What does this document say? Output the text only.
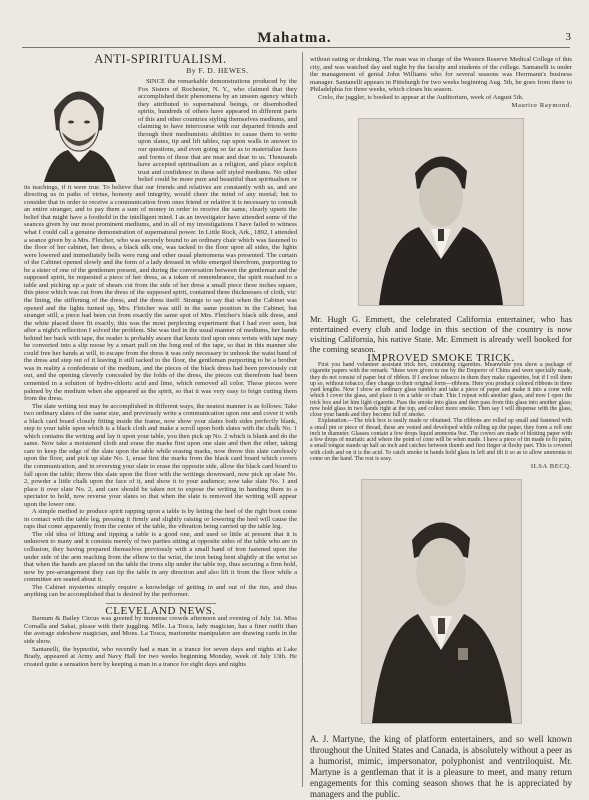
Mahatma.	3
ANTI-SPIRITUALISM.
By F. D. HEWES.

SINCE the remarkable demonstrations produced by the Fox Sisters of Rochester, N. Y., who claimed that they accomplished their phenomena by an unseen agency which they attributed to supernatural beings, or disembodied spirits, hundreds of others have appeared in different parts of this and other countries styling themselves mediums, and claiming to have intercourse with our departed friends and through their mediumistic abilities to cause them to write upon slates, tip and lift tables, rap upon walls in answer to our questions, and even going so far as to materialize faces and forms of those that are near and dear to us. Thousands have accepted spiritualism as a religion, and place explicit trust and confidence in these self styled mediums. No other belief could be more pure and beautiful than spiritualism or its teachings, if it were true. To believe that our friends and relatives are constantly with us, and are directing us in paths of virtue, honesty and integrity, would cheer the mind of any mortal; but to consider that in order to receive a communication from ones friend or relative it is necessary to consult an entire stranger, and to pay them a sum of money in order to receive the same, clearly upsets the belief that might have a foothold in the intelligent mind. I as an investigator have attended some of the seances given by our most prominent mediums, and in all of my investigations I have failed to witness what I could call a genuine demonstration of supernatural power. In Little Rock, Ark., 1892, I attended a seance given by a Mrs. Fletcher, who was securely bound to an ordinary chair which was fastened to the floor of her cabinet, her dress, a black silk one, was tacked to the floor upon all sides, the lights were lowered and immediately bells were rung and other usual phenomena was presented. The curtain of the Cabinet opened slowly and the form of a lady dressed in white emerged therefrom, purporting to be a sister of one of the gentlemen present, and during the conversation between the gentleman and the supposed spirit, he requested a piece of her dress, as a token of remembrance, the spirit reached to a table and picking up a pair of shears cut from the side of her dress a small piece three inches square, this piece which was cut from the dress of the supposed spirit, contained three thicknesses of cloth, viz: the lining, the stiffening of the dress, and the dress itself. Strange to say that when the Cabinet was opened and the lights turned up, Mrs. Fletcher was still in the same position in the Cabinet, but stranger still, a piece had been cut from exactly the same spot of Mrs. Fletcher's black silk dress, and the white placed there fit exactly, this was the most perplexing experiment that I had ever seen, but after a night's reflection I solved the problem. She was tied in the usual manner of mediums, her hands behind her back with tape, the reader is probably aware that knots tied upon ones wrists with tape may be converted into a slip noose by a smart pull on the long end of the tape, so that in this manner she could free her hands at will, to escape from the dress it was only necessary to unhook the waist band of the dress and step out of it leaving it still tacked to the floor, the gentleman purporting to be a brother was in reality a confederate of the medium, and the pieces of the black dress had been previously cut out, and the opening cleverly concealed by the folds of the dress, the pieces cut therefrom had been cemented in a solution of hydro-chloric acid and lime, which removed all color. These pieces were palmed by the medium when she appeared as the spirit, so that it was very easy to feign cutting them from the dress.

The slate writing test may be accomplished in different ways, the neatest manner is as follows: Take two ordinary slates of the same size, and previously write a communication upon one and cover it with a black card board closely fitting inside the frame, now show your slates both sides perfectly blank, step to your table upon which is a black cloth and make a scroll upon both slates with the chalk No. 1 which contains the writing and lay it upon your table, you then pick up No. 2 which is blank and do the same. Now take a moistened cloth and erase the marks first upon one slate and then the other, taking care to keep the edge of the slate upon the table while erasing marks, now throw this slate carelessly upon the floor, and pick up slate No. 1, erase first the marks from the black card board which covers the communication, and in reversing your slate to erase the opposite side, allow the black card board to fall upon the table; throw this slate upon the floor with the writings downward, now pick up slate No. 2, powder a little chalk upon the face of it, and show it to your audience; now take slate No. 1 and place it over slate No. 2, and care should be taken not to expose the writing in handing them to a spectator to hold, now reverse your slates so that when the slate is removed the writing will appear upon the lower one.

A simple method to produce spirit rapping upon a table is by letting the heel of the right boot come in contact with the table leg, pressing it firmly and slightly raising or lowering the heel will cause the raps that come apparently from the center of the table, the vibration being carried up the table leg.

The old idea of lifting and tipping a table is a good one, and used so little at present that it is unknown to many and it consists merely of two parties sitting at opposite sides of the table who are in collusion, they having prepared themselves previously with a small band of iron fastened upon the under side of the arm reaching from the elbow to the wrist, the iron being bent slightly at the wrist so that when the hands are placed on the table the irons slip under the table top, thus securing a firm hold, now by pre-arrangement they can tip the table in any direction and also lift it from the floor while a committee are seated about it.

The Cabinet mysteries simply require a knowledge of getting in and out of the ties, and thus anything can be accomplished that is desired by the performer.

CLEVELAND NEWS.

Barnum & Bailey Circus was greeted by immense crowds afternoon and evening of July 1st. Miss Cornalla and Sakai, please with their juggling. Mlle. La Tosca, lady magician, has a finer outfit than the average sideshow magician, and Mons. La Tosca, marionette manipulator are drawing cards in the side show.

Santanelli, the hypnotist, who recently had a man in a trance for seven days and nights at Lake Brady, appeared at Army and Navy Hall for two weeks beginning Monday, week of July 13th. He created quite a sensation here by keeping a man in a trance for eight days and nights

without eating or drinking. The man was in charge of the Western Reserve Medical College of this city, and was watched day and night by the faculty and students of the college. Santanelli is under the management of genial John Williams who for several seasons was Herrmann's business manager. Santanelli appears in Pittsburgh for two weeks beginning Aug. 5th, he goes from there to Philadelphia for three weeks, which closes his season.

Crelo, the juggler, is booked to appear at the Auditorium, week of August 5th.

Maurice Raymond.
Mr. Hugh G. Emmett, the celebrated California entertainer, who has entertained every club and lodge in this section of the country is now visiting California, his native State. Mr. Emmett is already well booked for the coming season.
IMPROVED SMOKE TRICK.

First you hand volunteer assistant trick box, containing cigarettes. Meanwhile you show a package of cigarette papers with the remark: "these were given to me by the Emperor of China and were specially made, they do not consist of paper but of ribbon. If I enclose tobacco in them they make cigarettes, but if I roll them up so, without tobacco, they change to their original form—ribbons. Here you produce colored ribbons in three yard lengths. Now I show an ordinary glass tumbler and take a piece of paper and make it into a cone with which I cover the glass, and place it on a table or chair. This I repeat with another glass, and now I open the trick box and let him light cigarette. Pass the smoke into glass and then pass from this glass into another glass; now hold glass in two hands right at the top, and collect more smoke. Then say I will dispense with the glass, close your hands and they become full of smoke.

Explanation.—The trick box is easily made or obtained. The ribbons are rolled up small and fastened with a small pin or piece of thread, these are vested and developed while rolling up the paper, they form a roll one inch in diameter. Glasses contain a few drops liquid ammonia 9oz. The covers are made of blotting paper with a few drops of muriatic acid where the point of cone will be when made. I have a piece of tin made to fit palm, a small tongue stands up half an inch and catches between thumb and first finger at fleshy part. This is covered with cloth and on it is the acid. To catch smoke in hands hold glass in left and tilt it so as to allow ammonia to come on the hand. The rest is easy.

ILSA BECQ.
A. J. Martyne, the king of platform entertainers, and so well known throughout the United States and Canada, is absolutely without a peer as a humorist, mimic, impersonator, polyphonist and ventriloquist. Mr. Martyne is a gentleman that it is a pleasure to meet, and many return engagements for this coming season shows that he is appreciated by managers and the public.
